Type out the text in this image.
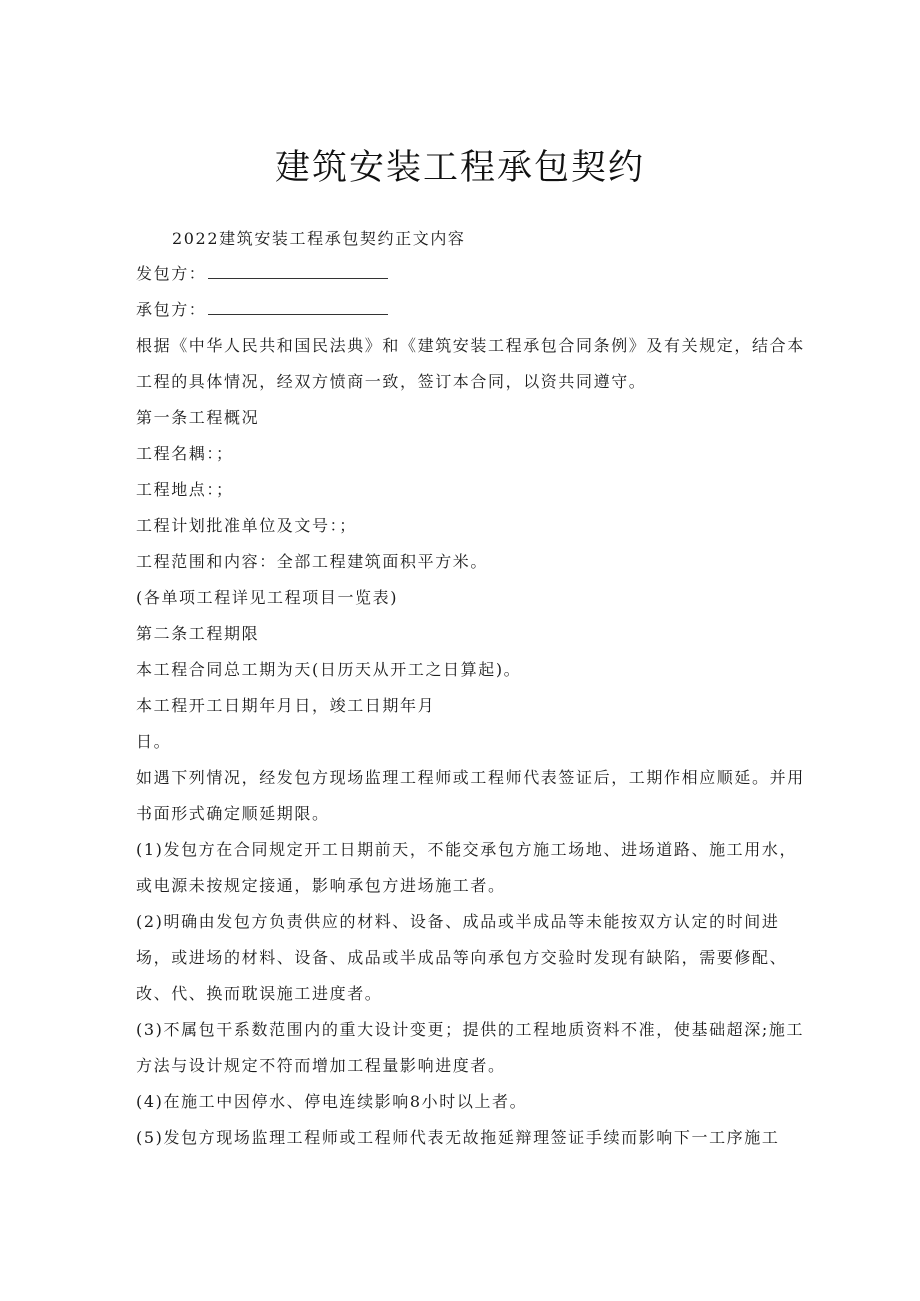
建筑安装工程承包契约
2022建筑安装工程承包契约正文内容
发包方：
承包方：
根据《中华人民共和国民法典》和《建筑安装工程承包合同条例》及有关规定，结合本
工程的具体情况，经双方愤商一致，签订本合同，以资共同遵守。
第一条工程概况
工程名耦：；
工程地点：；
工程计划批准单位及文号：；
工程范围和内容：全部工程建筑面积平方米。
(各单项工程详见工程项目一览表)
第二条工程期限
本工程合同总工期为天(日历天从开工之日算起)。
本工程开工日期年月日，竣工日期年月
日。
如遇下列情况，经发包方现场监理工程师或工程师代表签证后，工期作相应顺延。并用
书面形式确定顺延期限。
(1)发包方在合同规定开工日期前天，不能交承包方施工场地、进场道路、施工用水，
或电源未按规定接通，影响承包方进场施工者。
(2)明确由发包方负责供应的材料、设备、成品或半成品等未能按双方认定的时间进
场，或进场的材料、设备、成品或半成品等向承包方交验时发现有缺陷，需要修配、
改、代、换而耽误施工进度者。
(3)不属包干系数范围内的重大设计变更；提供的工程地质资料不准，使基础超深;施工
方法与设计规定不符而增加工程量影响进度者。
(4)在施工中因停水、停电连续影响8小时以上者。
(5)发包方现场监理工程师或工程师代表无故拖延辩理签证手续而影响下一工序施工
